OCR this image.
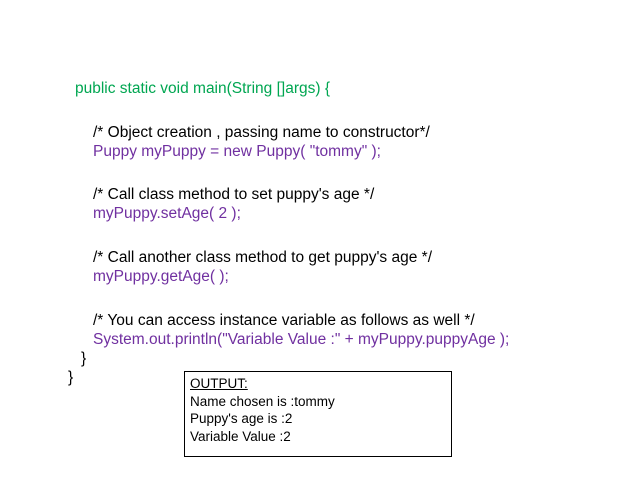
public static void main(String []args) {
/* Object creation , passing name to constructor*/
Puppy myPuppy = new Puppy( "tommy" );
/* Call class method to set puppy's age */
myPuppy.setAge( 2 );
/* Call another class method to get puppy's age */
myPuppy.getAge( );
/* You can access instance variable as follows as well */
System.out.println("Variable Value :" + myPuppy.puppyAge );
}
}	OUTPUT:
Name chosen is :tommy
Puppy's age is :2
Variable Value :2
